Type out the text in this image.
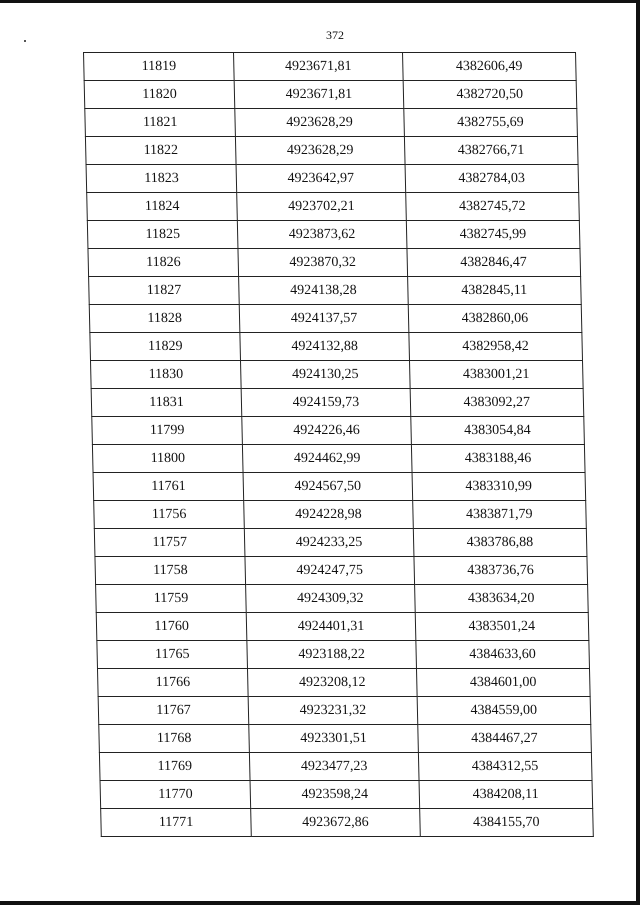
372
11819	4923671,81	4382606,49
11820	4923671,81	4382720,50
11821	4923628,29	4382755,69
11822	4923628,29	4382766,71
11823	4923642,97	4382784,03
11824	4923702,21	4382745,72
11825	4923873,62	4382745,99
11826	4923870,32	4382846,47
11827	4924138,28	4382845,11
11828	4924137,57	4382860,06
11829	4924132,88	4382958,42
11830	4924130,25	4383001,21
11831	4924159,73	4383092,27
11799	4924226,46	4383054,84
11800	4924462,99	4383188,46
11761	4924567,50	4383310,99
11756	4924228,98	4383871,79
11757	4924233,25	4383786,88
11758	4924247,75	4383736,76
11759	4924309,32	4383634,20
11760	4924401,31	4383501,24
11765	4923188,22	4384633,60
11766	4923208,12	4384601,00
11767	4923231,32	4384559,00
11768	4923301,51	4384467,27
11769	4923477,23	4384312,55
11770	4923598,24	4384208,11
11771	4923672,86	4384155,70
